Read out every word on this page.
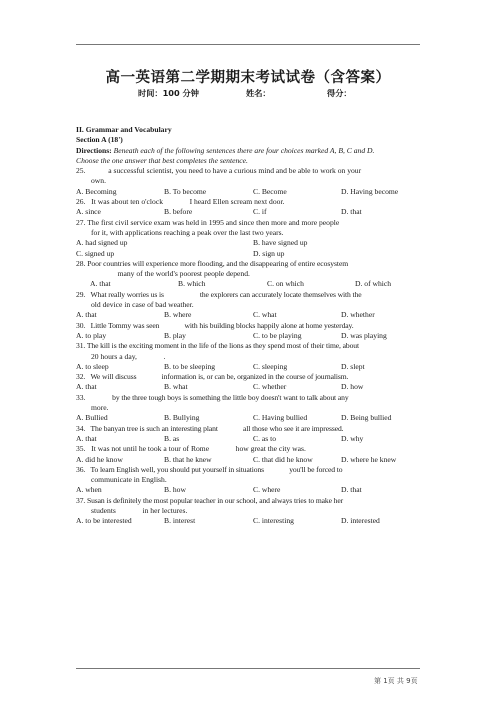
高一英语第二学期期末考试试卷（含答案）
时间：100 分钟	姓名：	得分：
II. Grammar and Vocabulary
Section A (18')
Directions: Beneath each of the following sentences there are four choices marked A, B, C and D.
Choose the one answer that best completes the sentence.
25.            a successful scientist, you need to have a curious mind and be able to work on your
own.
A. Becoming	B. To become	C. Become	D. Having become
26.   It was about ten o'clock              I heard Ellen scream next door.
A. since	B. before	C. if	D. that
27. The first civil service exam was held in 1995 and since then more and more people
for it, with applications reaching a peak over the last two years.
A. had signed up	B. have signed up
C. signed up	D. sign up
28. Poor countries will experience more flooding, and the disappearing of entire ecosystem
many of the world's poorest people depend.
A. that	B. which	C. on which	D. of which
29.   What really worries us is                    the explorers can accurately locate themselves with the
old device in case of bad weather.
A. that	B. where	C. what	D. whether
30.   Little Tommy was seen              with his building blocks happily alone at home yesterday.
A. to play	B. play	C. to be playing	D. was playing
31. The kill is the exciting moment in the life of the lions as they spend most of their time, about
20 hours a day,              .
A. to sleep	B. to be sleeping	C. sleeping	D. slept
32.   We will discuss              information is, or can be, organized in the course of journalism.
A. that	B. what	C. whether	D. how
33.               by the three tough boys is something the little boy doesn't want to talk about any
more.
A. Bullied	B. Bullying	C. Having bullied	D. Being bullied
34.   The banyan tree is such an interesting plant              all those who see it are impressed.
A. that	B. as	C. as to	D. why
35.   It was not until he took a tour of Rome              how great the city was.
A. did he know	B. that he knew	C. that did he know	D. where he knew
36.   To learn English well, you should put yourself in situations              you'll be forced to
communicate in English.
A. when	B. how	C. where	D. that
37. Susan is definitely the most popular teacher in our school, and always tries to make her
students              in her lectures.
A. to be interested	B. interest	C. interesting	D. interested
第 1页 共 9页
